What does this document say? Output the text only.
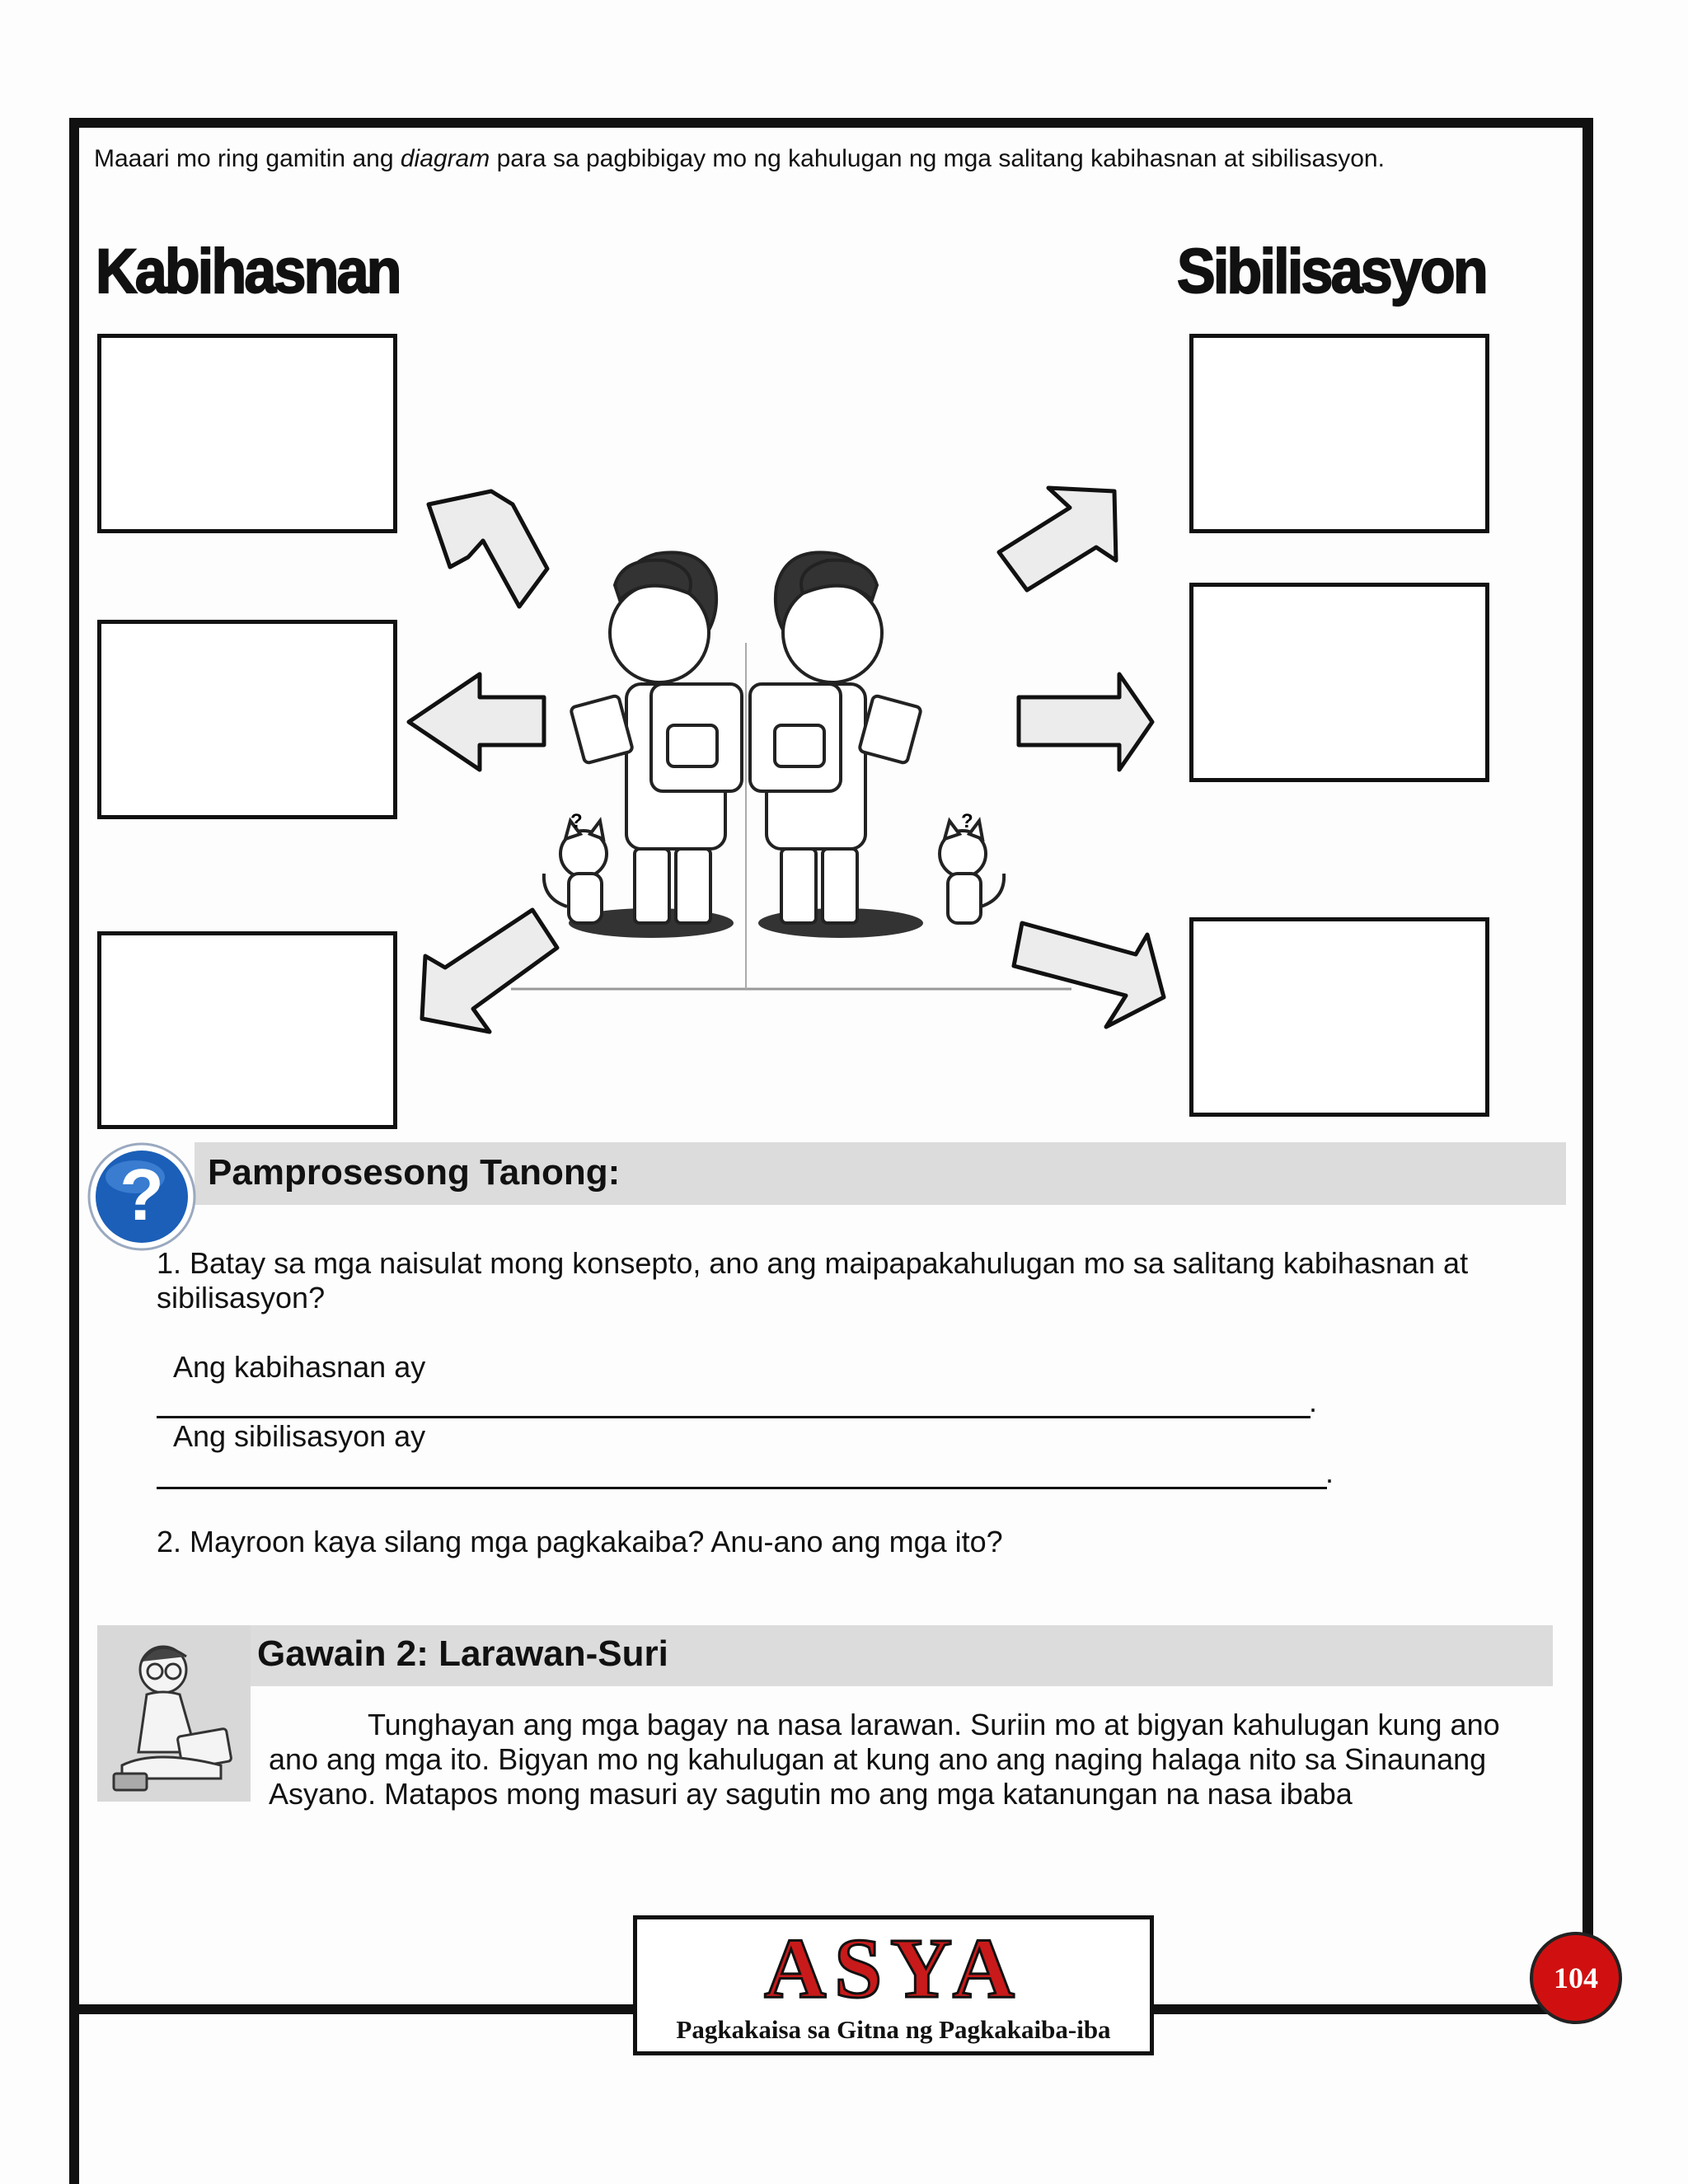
Maaari mo ring gamitin ang diagram para sa pagbibigay mo ng kahulugan ng mga salitang kabihasnan at sibilisasyon.
Kabihasnan	Sibilisasyon
?	?
? Pamprosesong Tanong:
1. Batay sa mga naisulat mong konsepto, ano ang maipapakahulugan mo sa salitang kabihasnan at sibilisasyon?
Ang kabihasnan ay
.
Ang sibilisasyon ay
.
2. Mayroon kaya silang mga pagkakaiba? Anu-ano ang mga ito?
Gawain 2: Larawan-Suri
Tunghayan ang mga bagay na nasa larawan. Suriin mo at bigyan kahulugan kung ano ano ang mga ito. Bigyan mo ng kahulugan at kung ano ang naging halaga nito sa Sinaunang Asyano. Matapos mong masuri ay sagutin mo ang mga katanungan na nasa ibaba
ASYA
Pagkakaisa sa Gitna ng Pagkakaiba-iba
104
